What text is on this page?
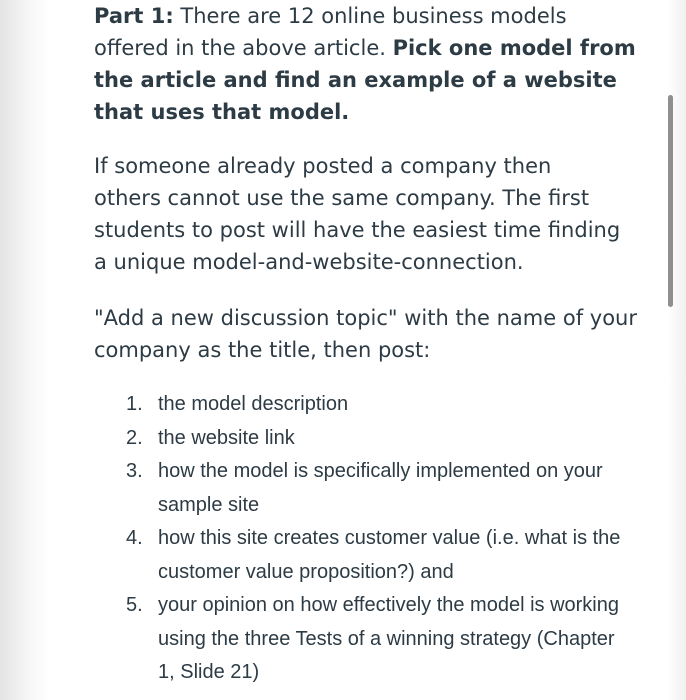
Part 1: There are 12 online business models offered in the above article. Pick one model from the article and find an example of a website that uses that model.

If someone already posted a company then others cannot use the same company. The first students to post will have the easiest time finding a unique model-and-website-connection.

"Add a new discussion topic" with the name of your company as the title, then post:

1. the model description
2. the website link
3. how the model is specifically implemented on your sample site
4. how this site creates customer value (i.e. what is the customer value proposition?) and
5. your opinion on how effectively the model is working using the three Tests of a winning strategy (Chapter 1, Slide 21)
